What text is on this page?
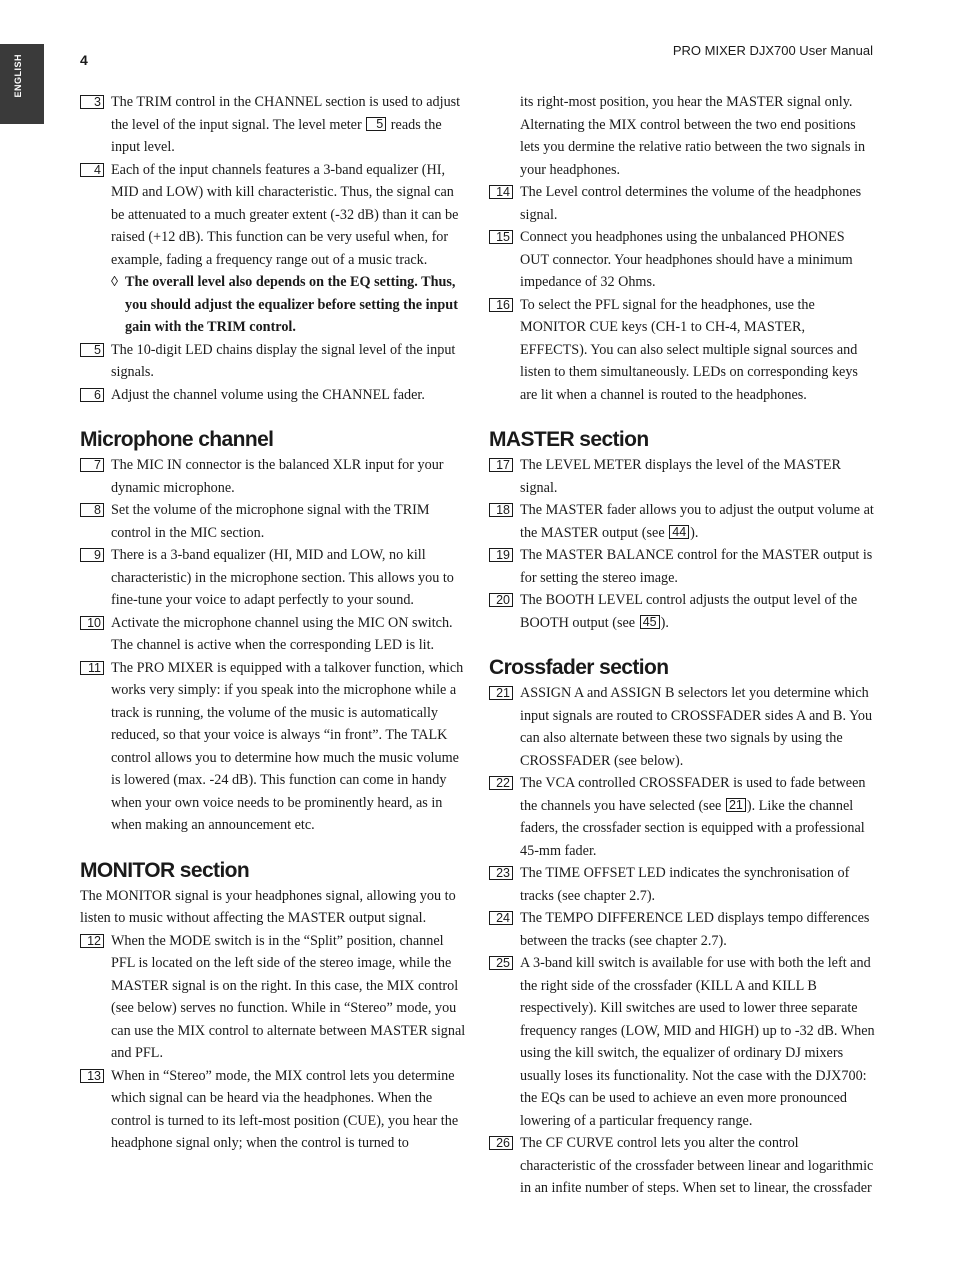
ENGLISH	4
PRO MIXER DJX700 User Manual
3 The TRIM control in the CHANNEL section is used to adjust the level of the input signal. The level meter 5 reads the input level.
4 Each of the input channels features a 3-band equalizer (HI, MID and LOW) with kill characteristic. Thus, the signal can be attenuated to a much greater extent (-32 dB) than it can be raised (+12 dB). This function can be very useful when, for example, fading a frequency range out of a music track.
◊ The overall level also depends on the EQ setting. Thus, you should adjust the equalizer before setting the input gain with the TRIM control.
5 The 10-digit LED chains display the signal level of the input signals.
6 Adjust the channel volume using the CHANNEL fader.
Microphone channel
7 The MIC IN connector is the balanced XLR input for your dynamic microphone.
8 Set the volume of the microphone signal with the TRIM control in the MIC section.
9 There is a 3-band equalizer (HI, MID and LOW, no kill characteristic) in the microphone section. This allows you to fine-tune your voice to adapt perfectly to your sound.
10 Activate the microphone channel using the MIC ON switch. The channel is active when the corresponding LED is lit.
11 The PRO MIXER is equipped with a talkover function, which works very simply: if you speak into the microphone while a track is running, the volume of the music is automatically reduced, so that your voice is always “in front”. The TALK control allows you to determine how much the music volume is lowered (max. -24 dB). This function can come in handy when your own voice needs to be prominently heard, as in when making an announcement etc.
MONITOR section
The MONITOR signal is your headphones signal, allowing you to listen to music without affecting the MASTER output signal.
12 When the MODE switch is in the “Split” position, channel PFL is located on the left side of the stereo image, while the MASTER signal is on the right. In this case, the MIX control (see below) serves no function. While in “Stereo” mode, you can use the MIX control to alternate between MASTER signal and PFL.
13 When in “Stereo” mode, the MIX control lets you determine which signal can be heard via the headphones. When the control is turned to its left-most position (CUE), you hear the headphone signal only; when the control is turned to
its right-most position, you hear the MASTER signal only. Alternating the MIX control between the two end positions lets you dermine the relative ratio between the two signals in your headphones.
14 The Level control determines the volume of the headphones signal.
15 Connect you headphones using the unbalanced PHONES OUT connector. Your headphones should have a minimum impedance of 32 Ohms.
16 To select the PFL signal for the headphones, use the MONITOR CUE keys (CH-1 to CH-4, MASTER, EFFECTS). You can also select multiple signal sources and listen to them simultaneously. LEDs on corresponding keys are lit when a channel is routed to the headphones.
MASTER section
17 The LEVEL METER displays the level of the MASTER signal.
18 The MASTER fader allows you to adjust the output volume at the MASTER output (see 44 ).
19 The MASTER BALANCE control for the MASTER output is for setting the stereo image.
20 The BOOTH LEVEL control adjusts the output level of the BOOTH output (see 45 ).
Crossfader section
21 ASSIGN A and ASSIGN B selectors let you determine which input signals are routed to CROSSFADER sides A and B. You can also alternate between these two signals by using the CROSSFADER (see below).
22 The VCA controlled CROSSFADER is used to fade between the channels you have selected (see 21 ). Like the channel faders, the crossfader section is equipped with a professional 45-mm fader.
23 The TIME OFFSET LED indicates the synchronisation of tracks (see chapter 2.7).
24 The TEMPO DIFFERENCE LED displays tempo differences between the tracks (see chapter 2.7).
25 A 3-band kill switch is available for use with both the left and the right side of the crossfader (KILL A and KILL B respectively). Kill switches are used to lower three separate frequency ranges (LOW, MID and HIGH) up to -32 dB. When using the kill switch, the equalizer of ordinary DJ mixers usually loses its functionality. Not the case with the DJX700: the EQs can be used to achieve an even more pronounced lowering of a particular frequency range.
26 The CF CURVE control lets you alter the control characteristic of the crossfader between linear and logarithmic in an infite number of steps. When set to linear, the crossfader
